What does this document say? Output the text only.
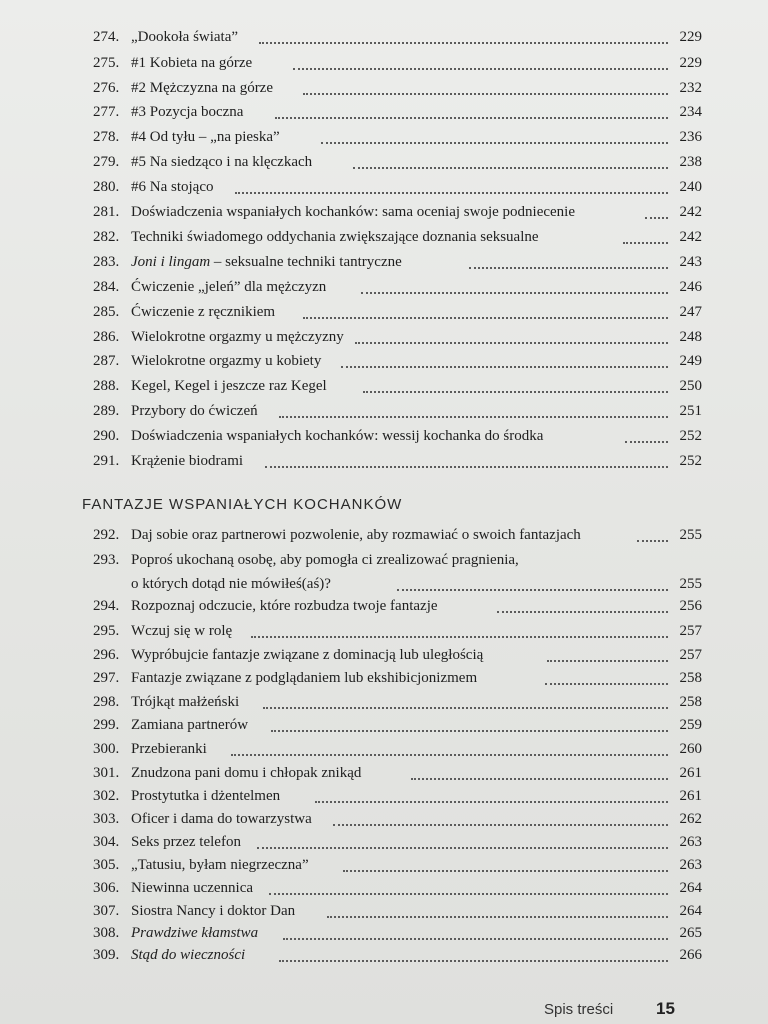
274. „Dookoła świata”	229
275. #1 Kobieta na górze	229
276. #2 Mężczyzna na górze	232
277. #3 Pozycja boczna	234
278. #4 Od tyłu – „na pieska”	236
279. #5 Na siedząco i na klęczkach	238
280. #6 Na stojąco	240
281. Doświadczenia wspaniałych kochanków: sama oceniaj swoje podniecenie	242
282. Techniki świadomego oddychania zwiększające doznania seksualne	242
283. Joni i lingam – seksualne techniki tantryczne	243
284. Ćwiczenie „jeleń” dla mężczyzn	246
285. Ćwiczenie z ręcznikiem	247
286. Wielokrotne orgazmy u mężczyzny	248
287. Wielokrotne orgazmy u kobiety	249
288. Kegel, Kegel i jeszcze raz Kegel	250
289. Przybory do ćwiczeń	251
290. Doświadczenia wspaniałych kochanków: wessij kochanka do środka	252
291. Krążenie biodrami	252
FANTAZJE WSPANIAŁYCH KOCHANKÓW
292. Daj sobie oraz partnerowi pozwolenie, aby rozmawiać o swoich fantazjach	255
293. Poproś ukochaną osobę, aby pomogła ci zrealizować pragnienia,
o których dotąd nie mówiłeś(aś)?	255
294. Rozpoznaj odczucie, które rozbudza twoje fantazje	256
295. Wczuj się w rolę	257
296. Wypróbujcie fantazje związane z dominacją lub uległością	257
297. Fantazje związane z podglądaniem lub ekshibicjonizmem	258
298. Trójkąt małżeński	258
299. Zamiana partnerów	259
300. Przebieranki	260
301. Znudzona pani domu i chłopak znikąd	261
302. Prostytutka i dżentelmen	261
303. Oficer i dama do towarzystwa	262
304. Seks przez telefon	263
305. „Tatusiu, byłam niegrzeczna”	263
306. Niewinna uczennica	264
307. Siostra Nancy i doktor Dan	264
308. Prawdziwe kłamstwa	265
309. Stąd do wieczności	266
Spis treści	15
